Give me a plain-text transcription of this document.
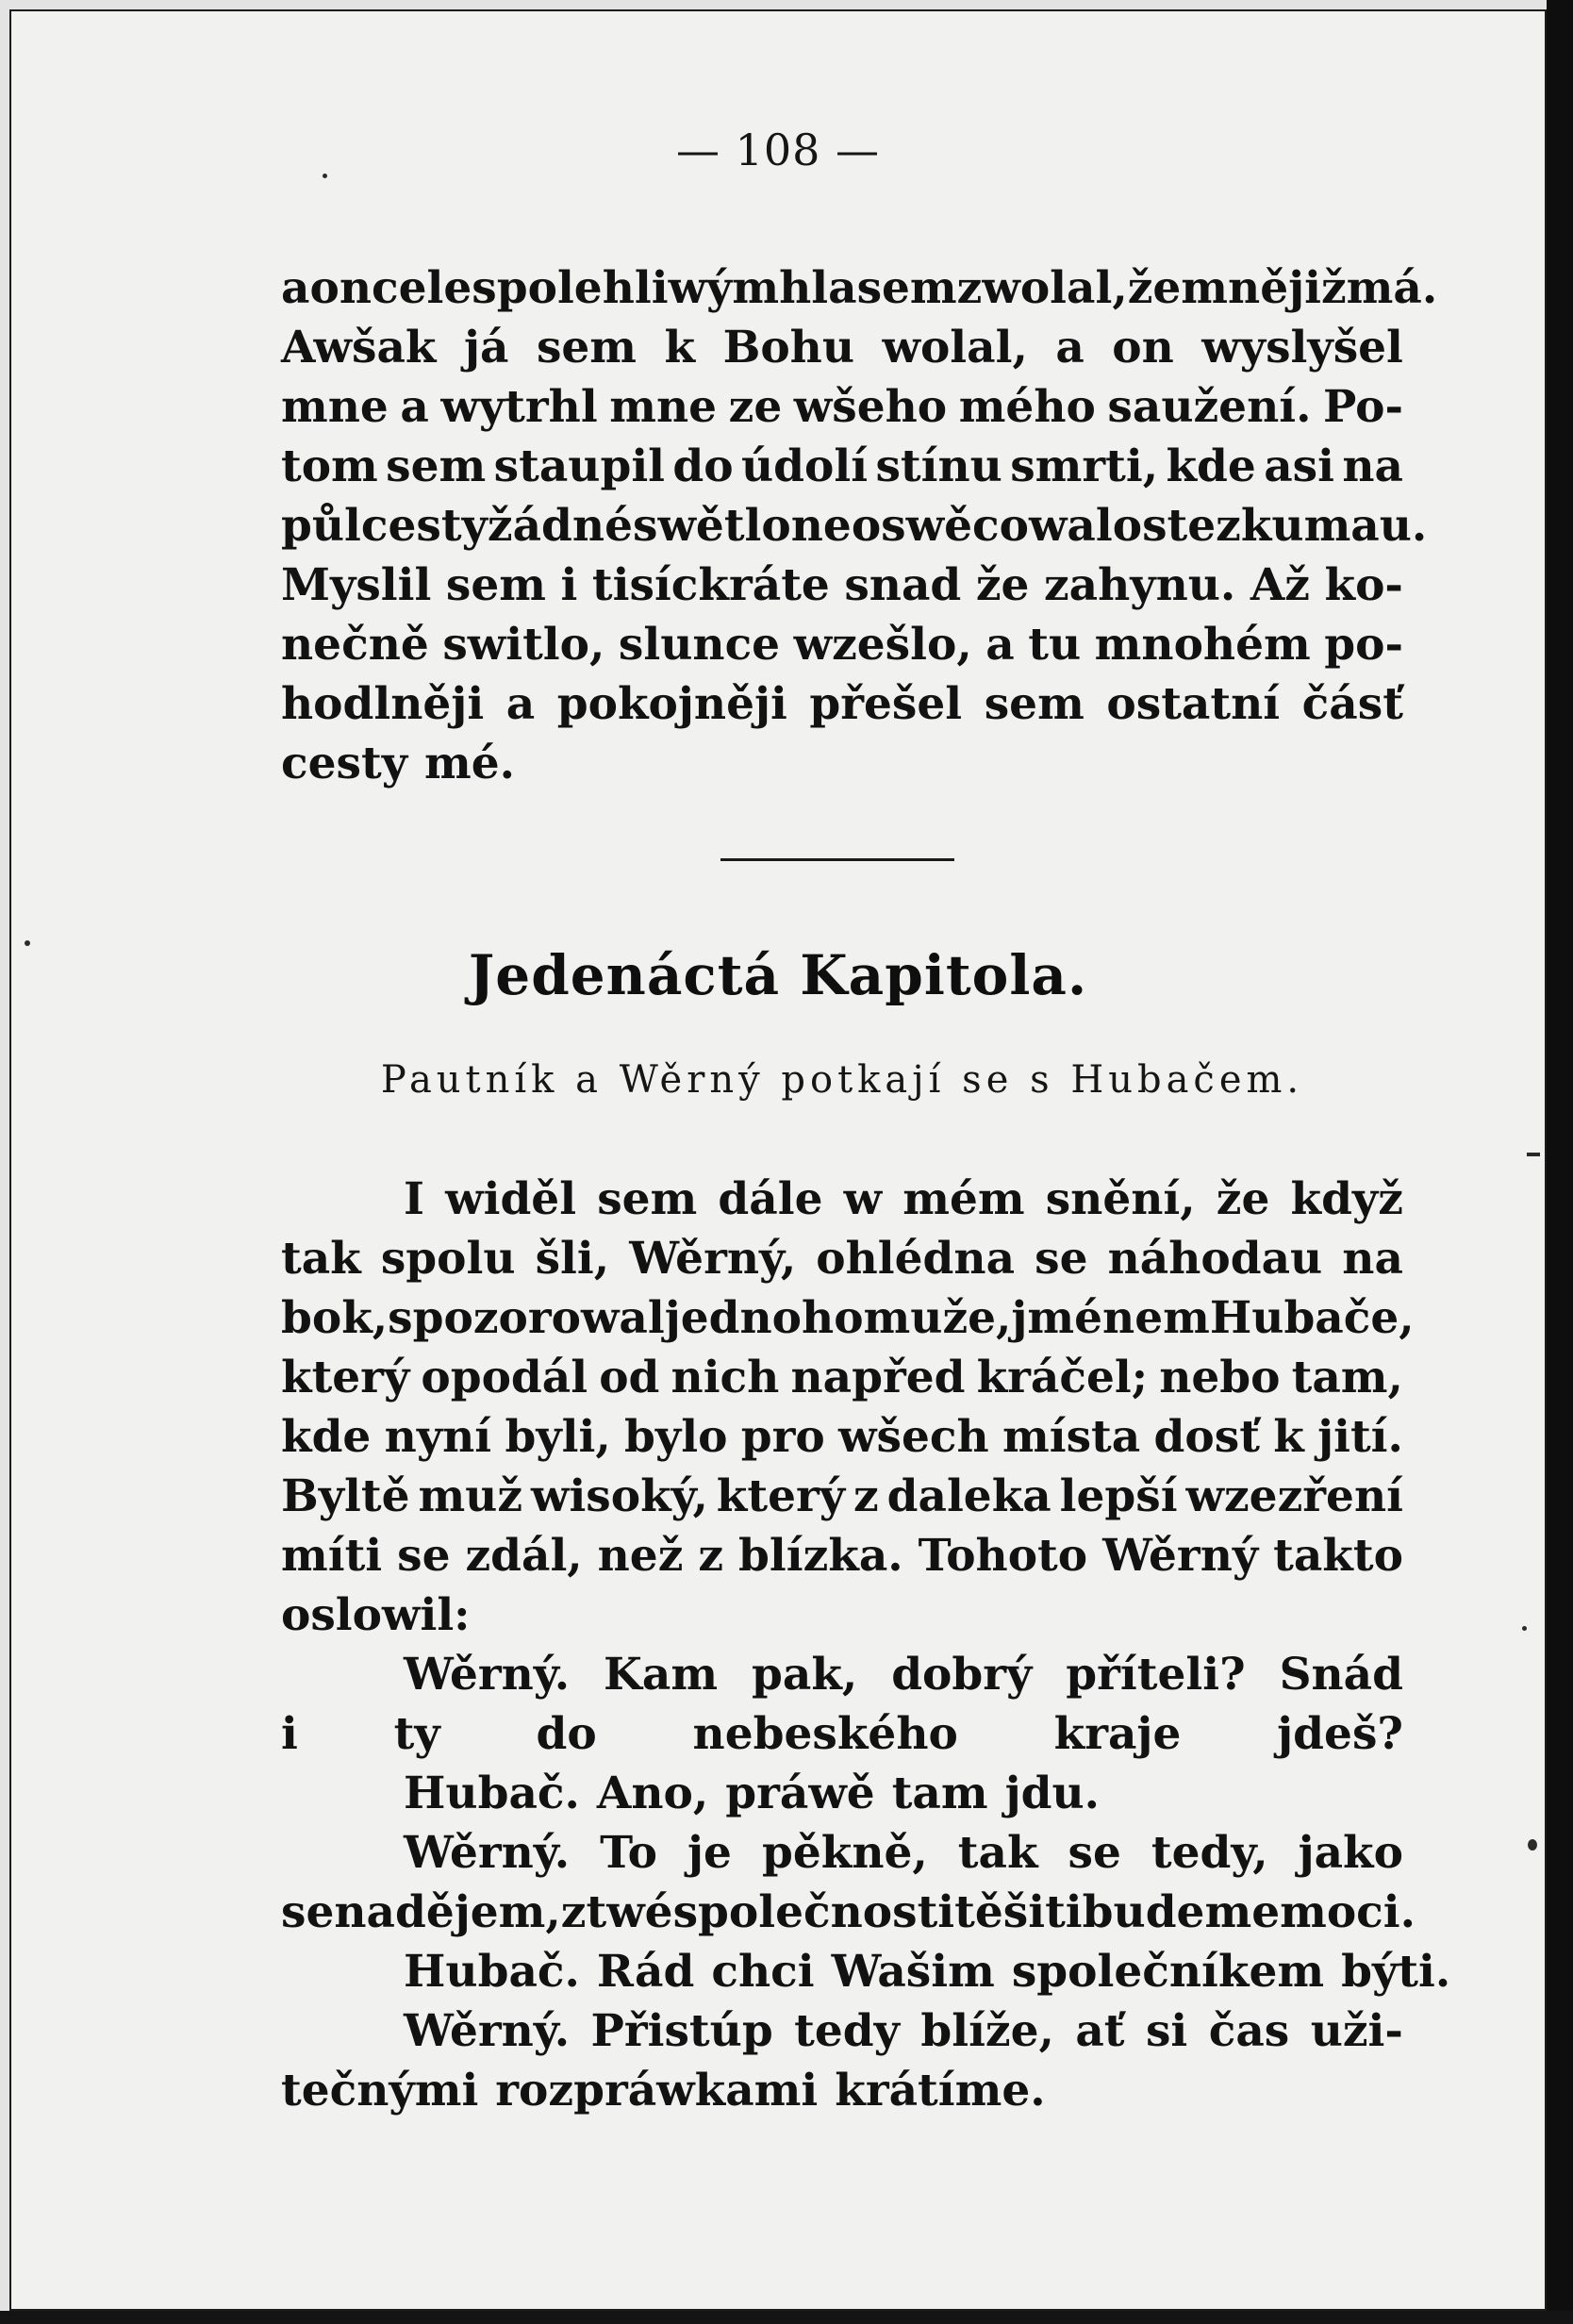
— 108 —
a on cele spolehliwým hlasem zwolal, že mně již má.
Awšak já sem k Bohu wolal, a on wyslyšel
mne a wytrhl mne ze wšeho mého saužení. Po-
tom sem staupil do údolí stínu smrti, kde asi na
půl cesty žádné swětlo neoswěcowalo stezku mau.
Myslil sem i tisíckráte snad že zahynu. Až ko-
nečně switlo, slunce wzešlo, a tu mnohém po-
hodlněji a pokojněji přešel sem ostatní čásť
cesty mé.
Jedenáctá Kapitola.
Pautník a Wěrný potkají se s Hubačem.
I widěl sem dále w mém snění, že když
tak spolu šli, Wěrný, ohlédna se náhodau na
bok, spozorowal jednoho muže, jménem Hubače,
který opodál od nich napřed kráčel; nebo tam,
kde nyní byli, bylo pro wšech místa dosť k jití.
Byltě muž wisoký, který z daleka lepší wzezření
míti se zdál, než z blízka. Tohoto Wěrný takto
oslowil:
Wěrný. Kam pak, dobrý příteli? Snád
i ty do nebeského kraje jdeš?
Hubač. Ano, práwě tam jdu.
Wěrný. To je pěkně, tak se tedy, jako
se naděјem, z twé společnosti těšiti budeme moci.
Hubač. Rád chci Wašim společníkem býti.
Wěrný. Přistúp tedy blíže, ať si čas uži-
tečnými rozpráwkami krátíme.
